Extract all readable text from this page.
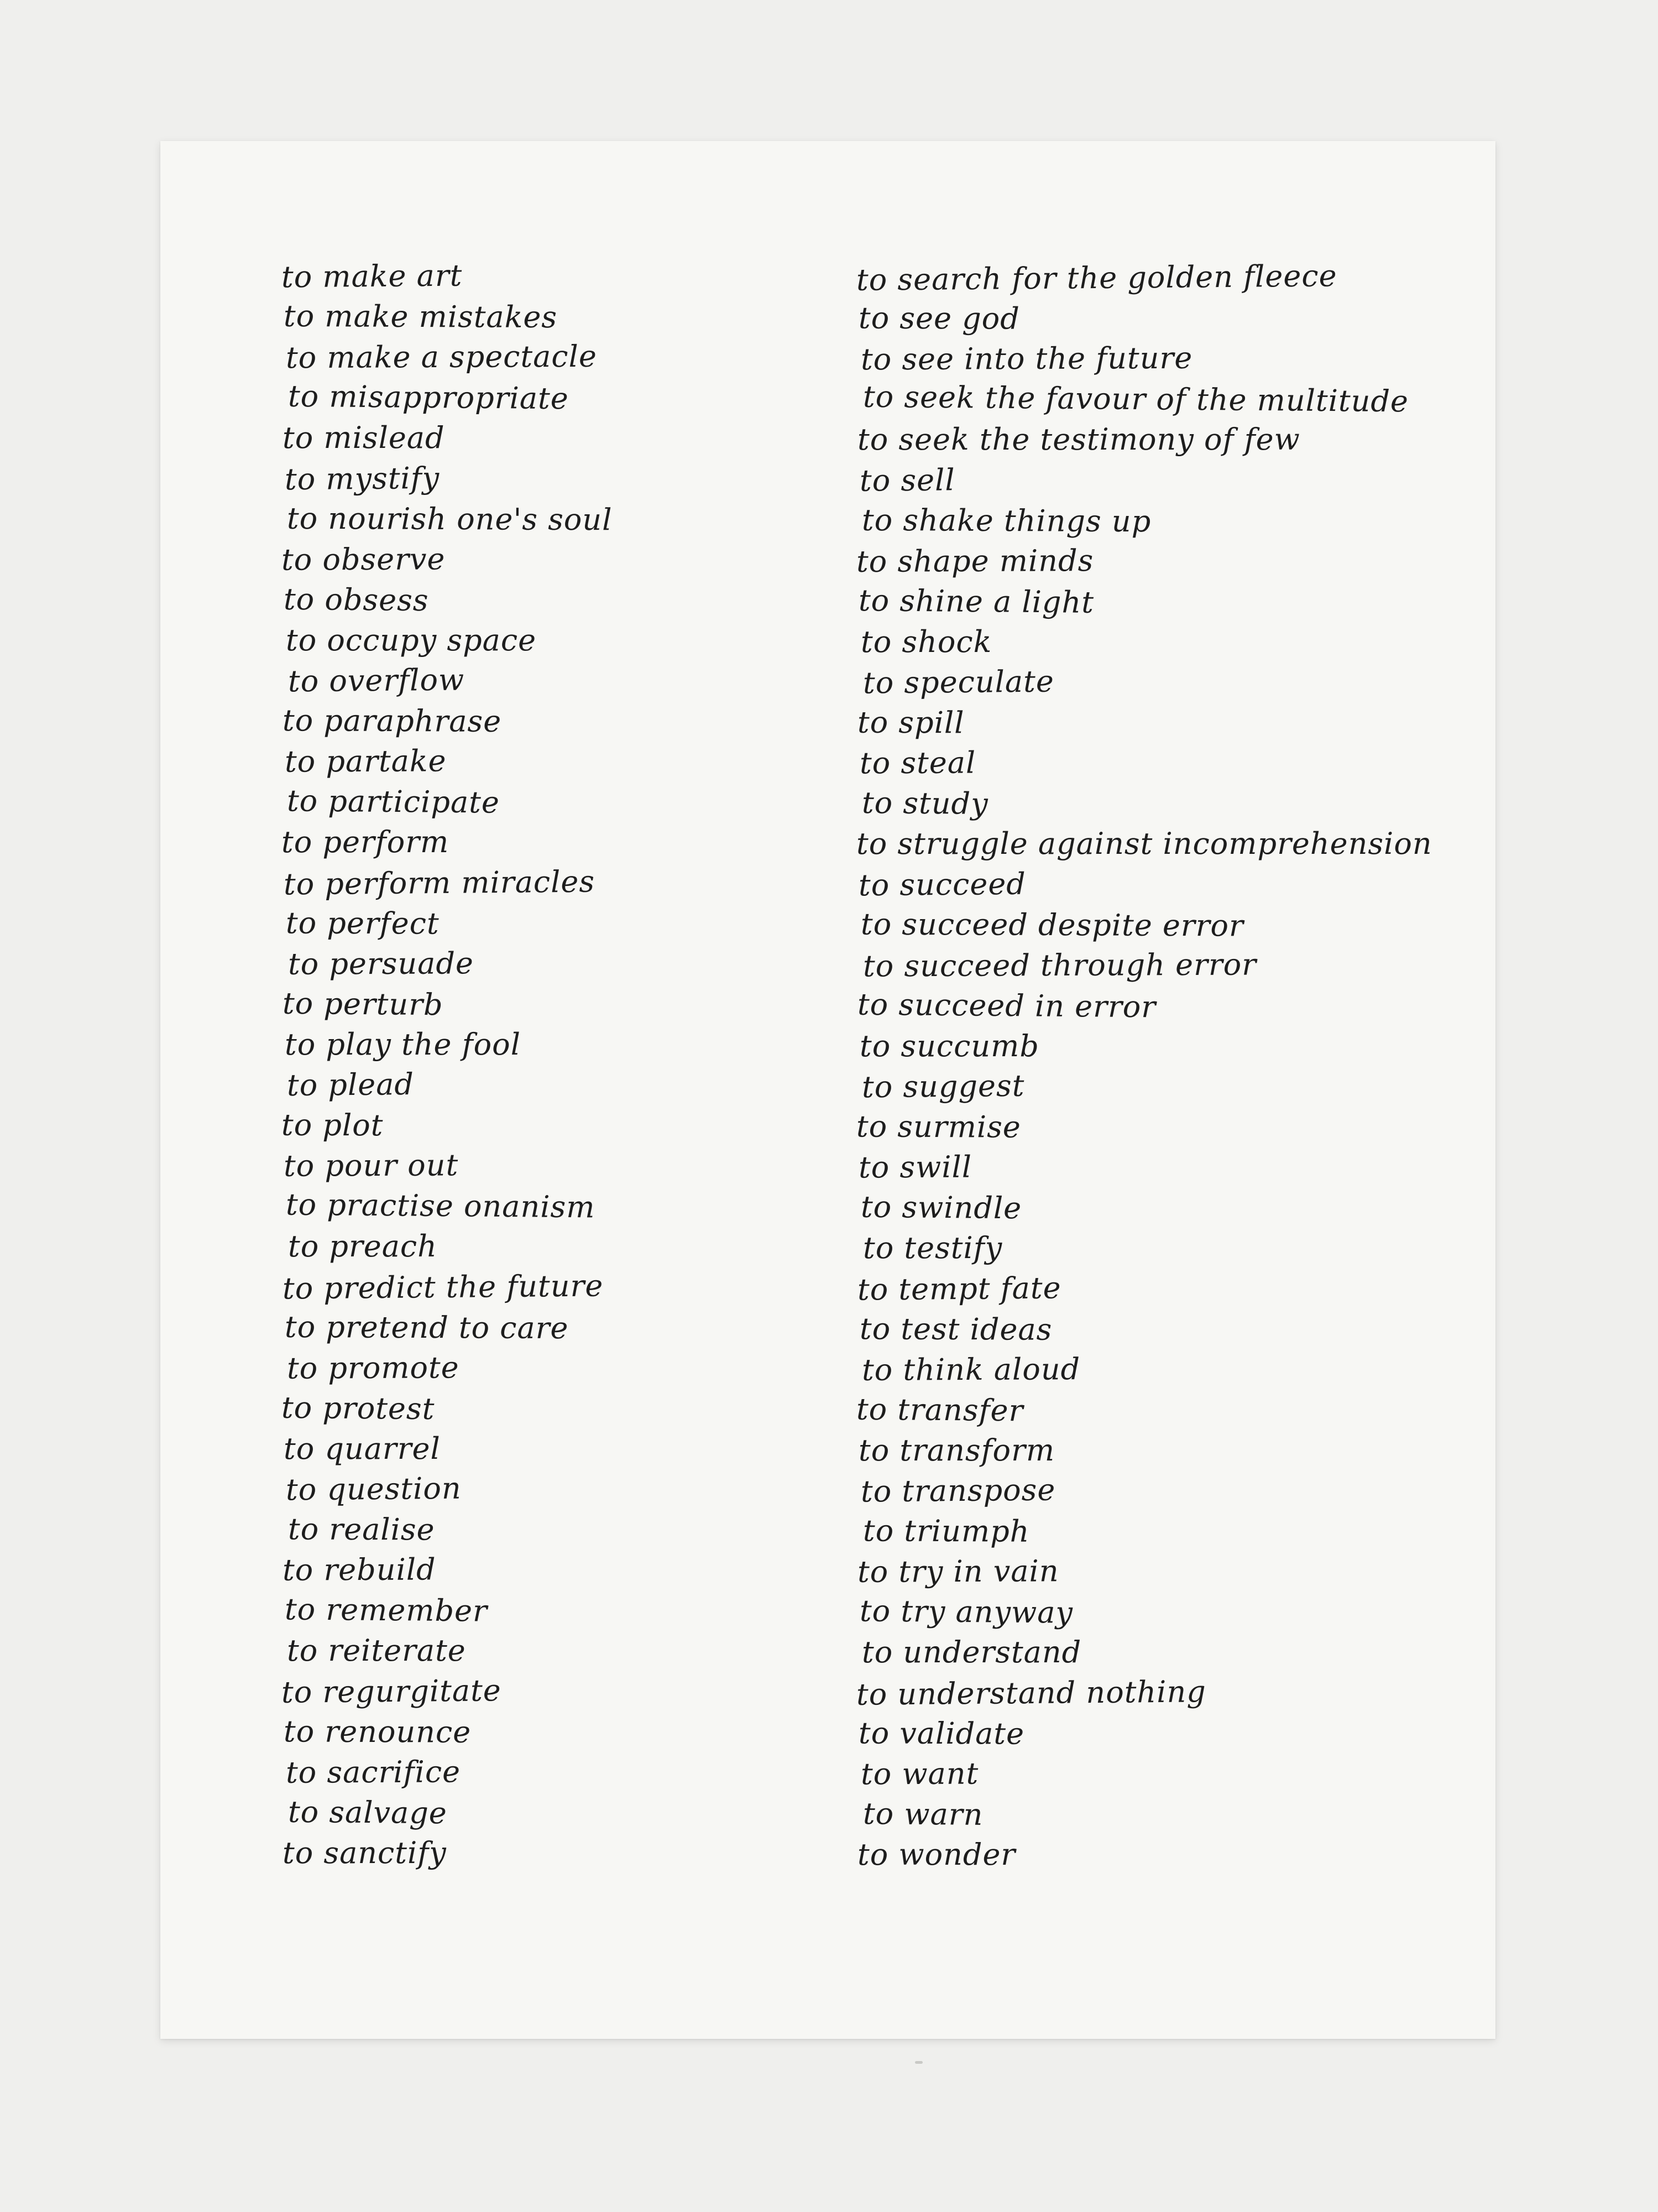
to make art
to make mistakes
to make a spectacle
to misappropriate
to mislead
to mystify
to nourish one's soul
to observe
to obsess
to occupy space
to overflow
to paraphrase
to partake
to participate
to perform
to perform miracles
to perfect
to persuade
to perturb
to play the fool
to plead
to plot
to pour out
to practise onanism
to preach
to predict the future
to pretend to care
to promote
to protest
to quarrel
to question
to realise
to rebuild
to remember
to reiterate
to regurgitate
to renounce
to sacrifice
to salvage
to sanctify
to search for the golden fleece
to see god
to see into the future
to seek the favour of the multitude
to seek the testimony of few
to sell
to shake things up
to shape minds
to shine a light
to shock
to speculate
to spill
to steal
to study
to struggle against incomprehension
to succeed
to succeed despite error
to succeed through error
to succeed in error
to succumb
to suggest
to surmise
to swill
to swindle
to testify
to tempt fate
to test ideas
to think aloud
to transfer
to transform
to transpose
to triumph
to try in vain
to try anyway
to understand
to understand nothing
to validate
to want
to warn
to wonder
